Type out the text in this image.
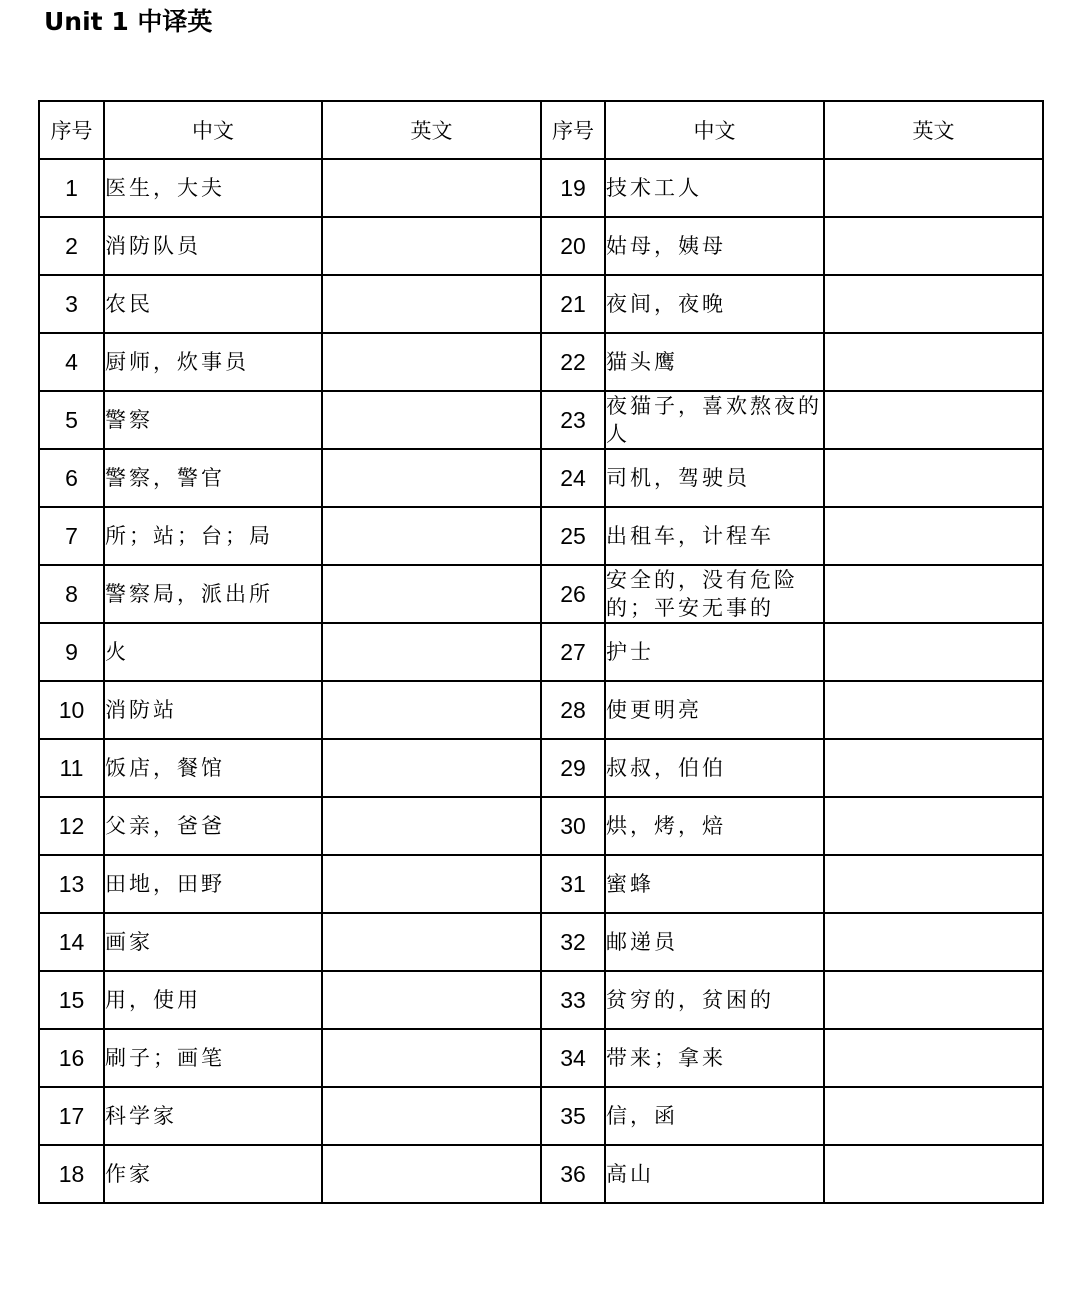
Unit 1 中译英
序号	中文	英文	序号	中文	英文
1	医生，大夫		19	技术工人	
2	消防队员		20	姑母，姨母	
3	农民		21	夜间，夜晚	
4	厨师，炊事员		22	猫头鹰	
5	警察		23	夜猫子，喜欢熬夜的人	
6	警察，警官		24	司机，驾驶员	
7	所；站；台；局		25	出租车，计程车	
8	警察局，派出所		26	安全的，没有危险的；平安无事的	
9	火		27	护士	
10	消防站		28	使更明亮	
11	饭店，餐馆		29	叔叔，伯伯	
12	父亲，爸爸		30	烘，烤，焙	
13	田地，田野		31	蜜蜂	
14	画家		32	邮递员	
15	用，使用		33	贫穷的，贫困的	
16	刷子；画笔		34	带来；拿来	
17	科学家		35	信，函	
18	作家		36	高山	
